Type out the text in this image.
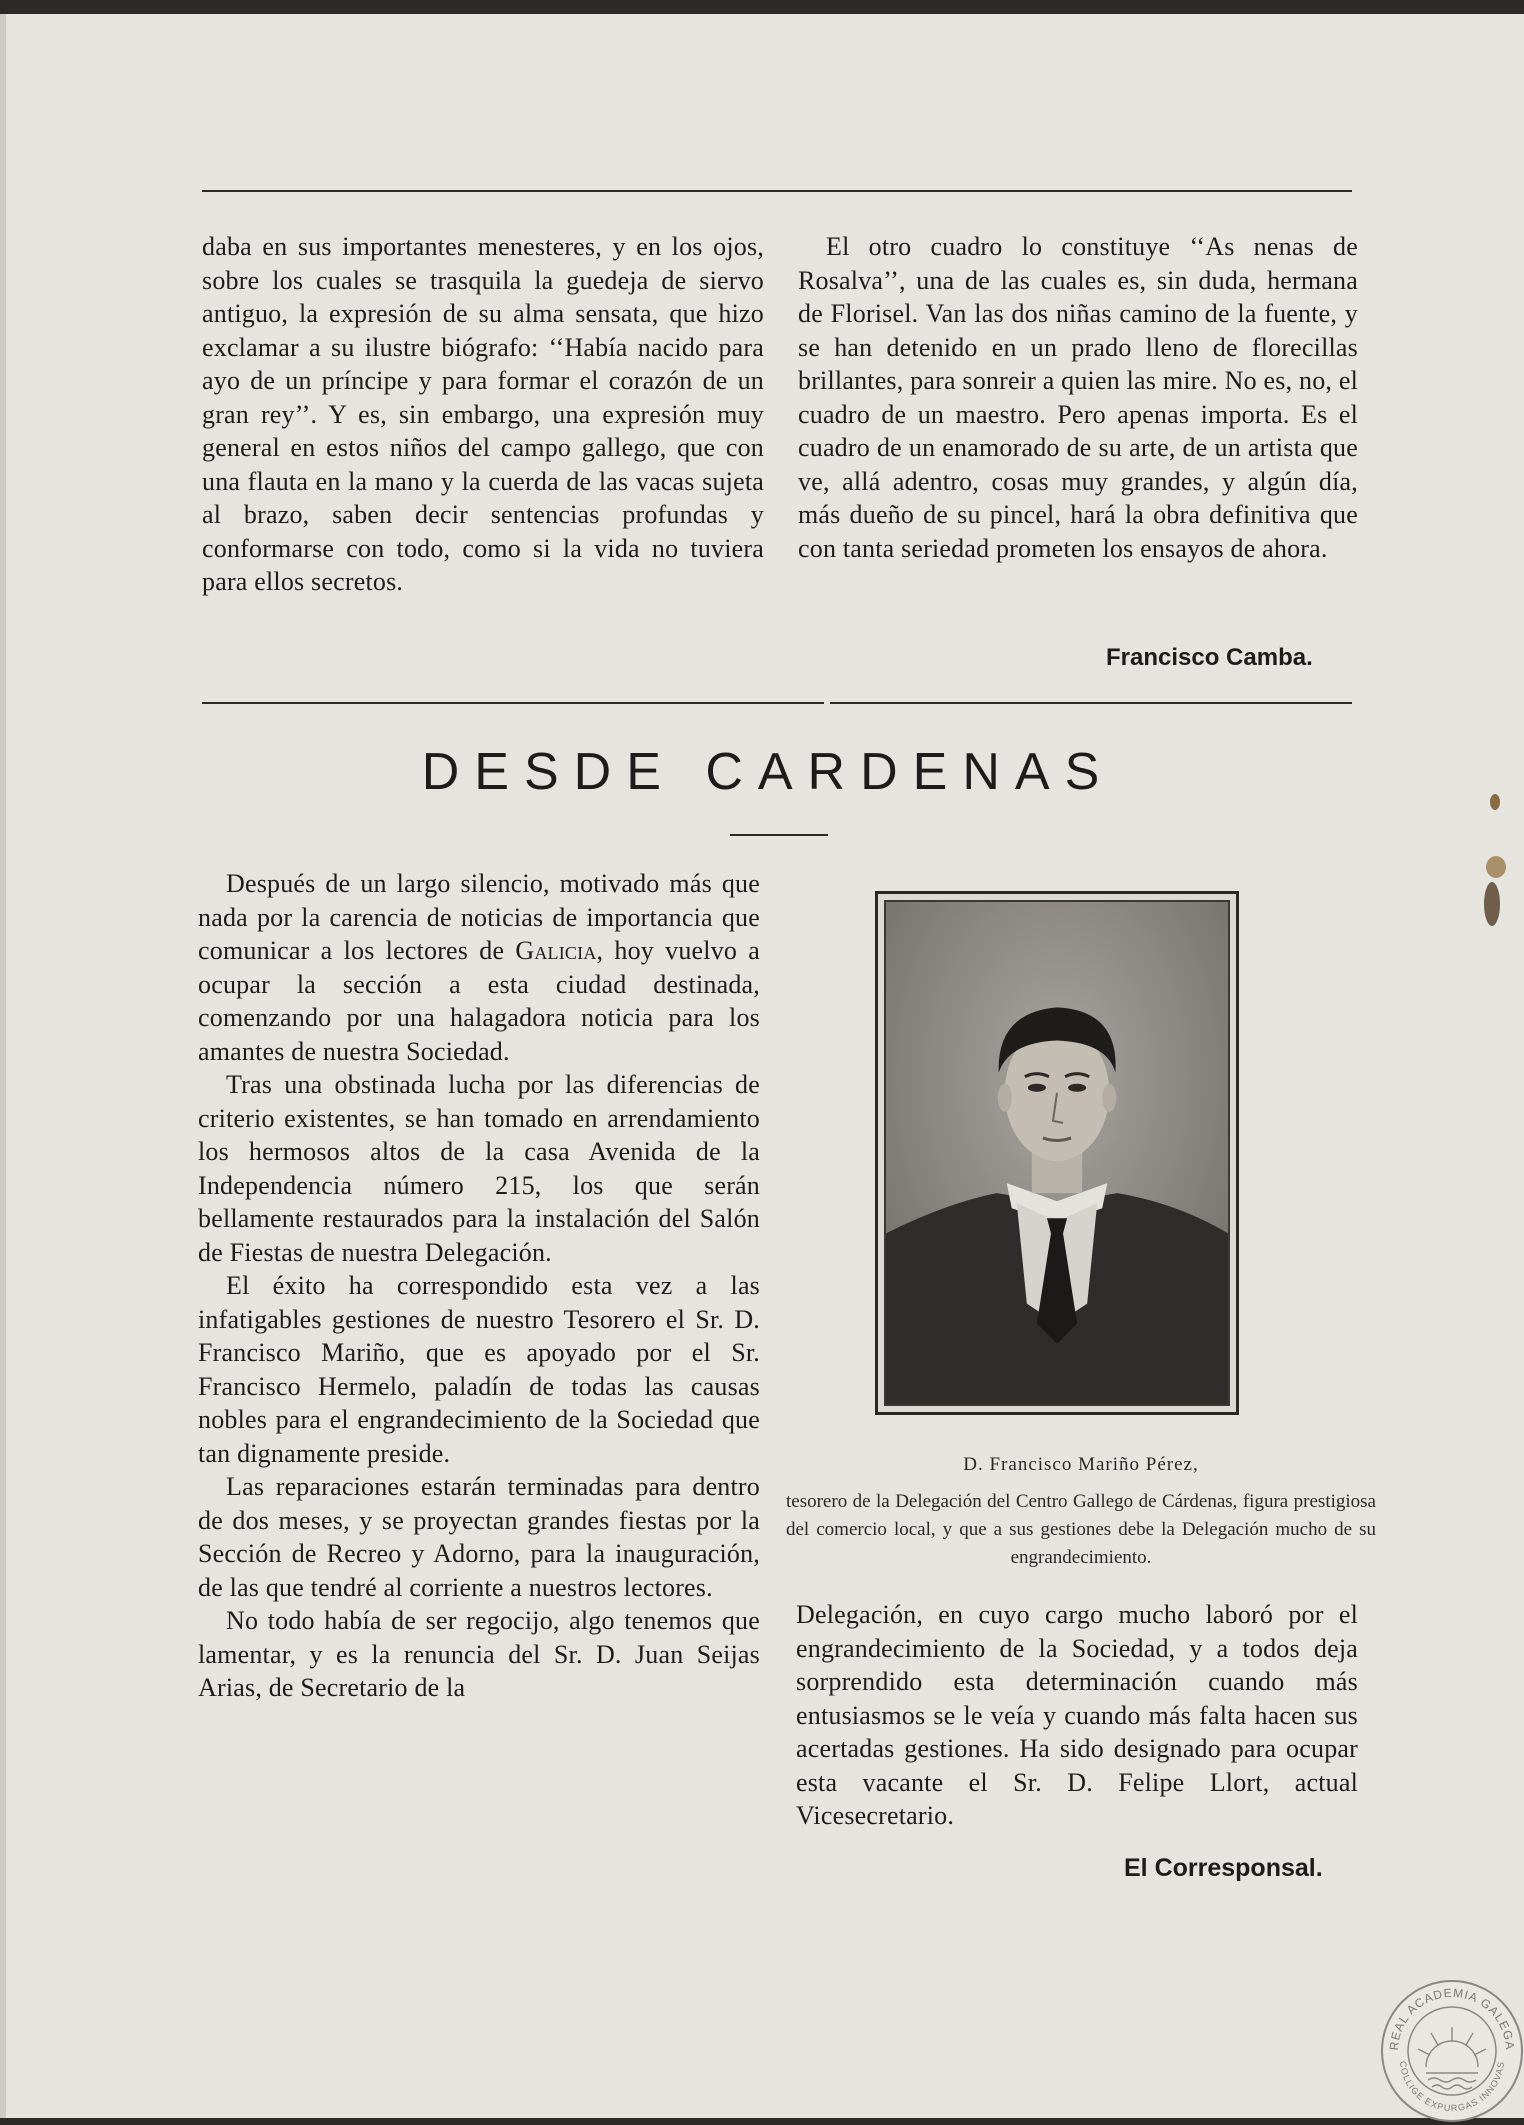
daba en sus importantes menesteres, y en los ojos, sobre los cuales se trasquila la guedeja de siervo antiguo, la expresión de su alma sensata, que hizo exclamar a su ilustre biógrafo: ‘‘Había nacido para ayo de un príncipe y para formar el corazón de un gran rey’’. Y es, sin embargo, una expresión muy general en estos niños del campo gallego, que con una flauta en la mano y la cuerda de las vacas sujeta al brazo, saben decir sentencias profundas y conformarse con todo, como si la vida no tuviera para ellos secretos.

El otro cuadro lo constituye ‘‘As nenas de Rosalva’’, una de las cuales es, sin duda, hermana de Florisel. Van las dos niñas camino de la fuente, y se han detenido en un prado lleno de florecillas brillantes, para sonreir a quien las mire. No es, no, el cuadro de un maestro. Pero apenas importa. Es el cuadro de un enamorado de su arte, de un artista que ve, allá adentro, cosas muy grandes, y algún día, más dueño de su pincel, hará la obra definitiva que con tanta seriedad prometen los ensayos de ahora.

Francisco Camba.
DESDE CARDENAS

Después de un largo silencio, motivado más que nada por la carencia de noticias de importancia que comunicar a los lectores de Galicia, hoy vuelvo a ocupar la sección a esta ciudad destinada, comenzando por una halagadora noticia para los amantes de nuestra Sociedad.

Tras una obstinada lucha por las diferencias de criterio existentes, se han tomado en arrendamiento los hermosos altos de la casa Avenida de la Independencia número 215, los que serán bellamente restaurados para la instalación del Salón de Fiestas de nuestra Delegación.

El éxito ha correspondido esta vez a las infatigables gestiones de nuestro Tesorero el Sr. D. Francisco Mariño, que es apoyado por el Sr. Francisco Hermelo, paladín de todas las causas nobles para el engrandecimiento de la Sociedad que tan dignamente preside.

Las reparaciones estarán terminadas para dentro de dos meses, y se proyectan grandes fiestas por la Sección de Recreo y Adorno, para la inauguración, de las que tendré al corriente a nuestros lectores.

No todo había de ser regocijo, algo tenemos que lamentar, y es la renuncia del Sr. D. Juan Seijas Arias, de Secretario de la

D. Francisco Mariño Pérez,
tesorero de la Delegación del Centro Gallego de Cárdenas, figura prestigiosa del comercio local, y que a sus gestiones debe la Delegación mucho de su engrandecimiento.

Delegación, en cuyo cargo mucho laboró por el engrandecimiento de la Sociedad, y a todos deja sorprendido esta determinación cuando más entusiasmos se le veía y cuando más falta hacen sus acertadas gestiones. Ha sido designado para ocupar esta vacante el Sr. D. Felipe Llort, actual Vicesecretario.

El Corresponsal.
REAL ACADEMIA GALEGA
COLLIGE EXPURGAS INNOVAS
